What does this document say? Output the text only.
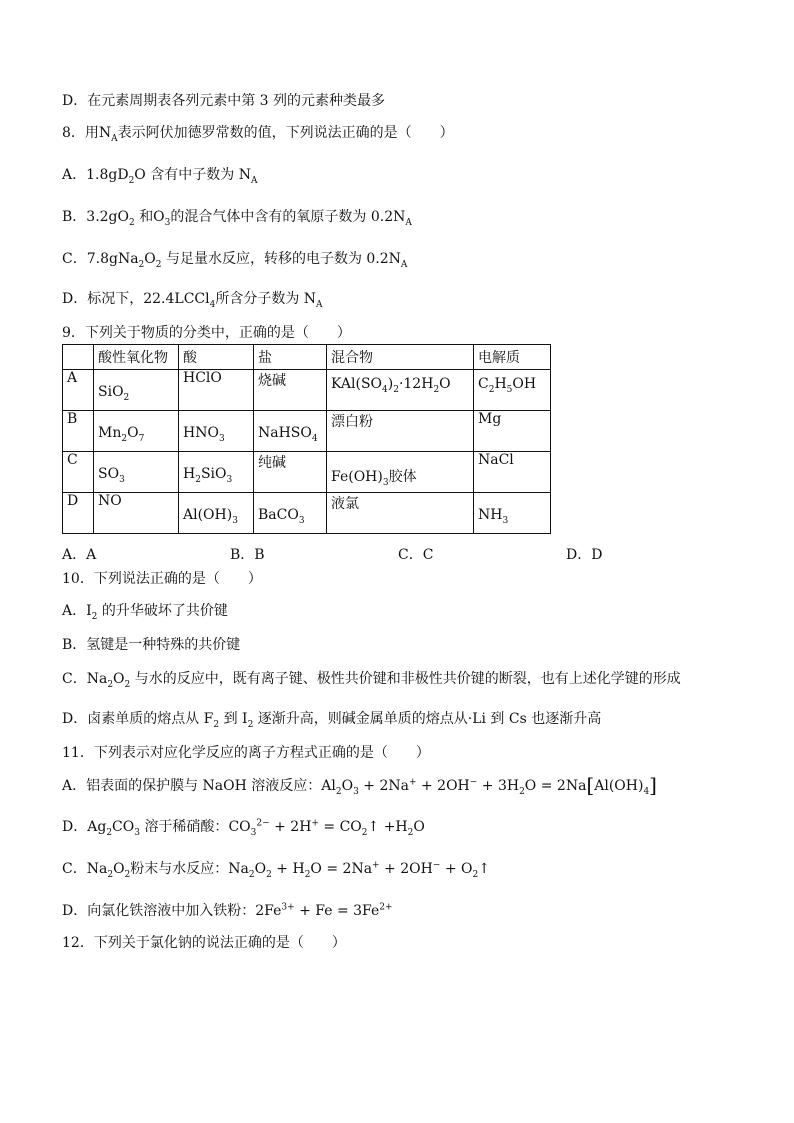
D．在元素周期表各列元素中第 3 列的元素种类最多
8．用$N_A$表示阿伏加德罗常数的值，下列说法正确的是（　　）
A．$1.8gD_2O$ 含有中子数为 $N_A$
B．$3.2gO_2$ 和$O_3$的混合气体中含有的氧原子数为 $0.2N_A$
C．$7.8gNa_2O_2$ 与足量水反应，转移的电子数为 $0.2N_A$
D．标况下，22.4LCCl$_4$所含分子数为 $N_A$
9．下列关于物质的分类中，正确的是（　　）
	酸性氧化物	酸	盐	混合物	电解质
A	SiO$_2$	HClO	烧碱	$KAl(SO_4)_2\cdot 12H_2O$	$C_2H_5OH$

B	$Mn_2O_7$	$HNO_3$	NaHSO$_4$	漂白粉	Mg
C	$SO_3$	$H_2SiO_3$	纯碱	$Fe(OH)_3$胶体	NaCl
D	NO	$Al(OH)_3$	BaCO$_3$	液氯	$NH_3$
A．A	B．B	C．C	D．D
10．下列说法正确的是（　　）
A．$I_2$ 的升华破坏了共价键
B．氢键是一种特殊的共价键
C．$Na_2O_2$ 与水的反应中，既有离子键、极性共价键和非极性共价键的断裂，也有上述化学键的形成
D．卤素单质的熔点从 $F_2$ 到 $I_2$ 逐渐升高，则碱金属单质的熔点从·Li 到 Cs 也逐渐升高
11．下列表示对应化学反应的离子方程式正确的是（　　）
A．铝表面的保护膜与 NaOH 溶液反应：$Al_2O_3 + 2Na^+ + 2OH^- + 3H_2O = 2Na[Al(OH)_4]$
D．$Ag_2CO_3$ 溶于稀硝酸：$CO_3^{2-} + 2H^+$ = $CO_2↑ +H_2O$
C．$Na_2O_2$粉末与水反应：$Na_2O_2 + H_2O = 2Na^+ + 2OH^-$ + $O_2↑$
D．向氯化铁溶液中加入铁粉：$2Fe^{3+} + Fe = 3Fe^{2+}$
12．下列关于氯化钠的说法正确的是（　　）
